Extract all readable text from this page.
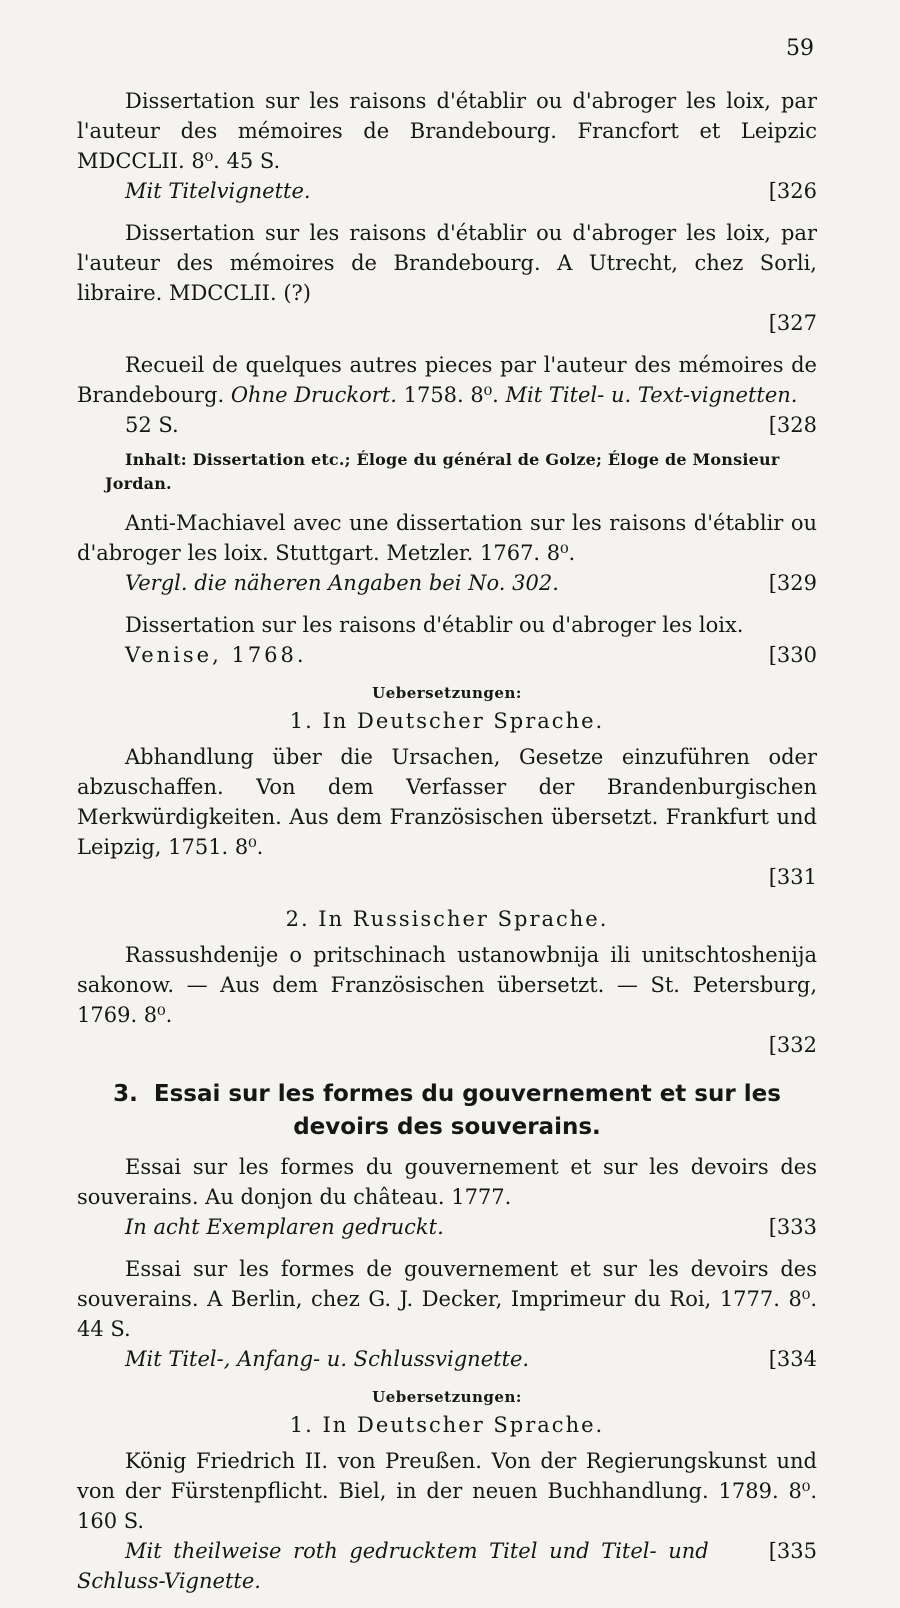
59

Dissertation sur les raisons d'établir ou d'abroger les loix, par l'auteur des mémoires de Brandebourg. Francfort et Leipzic MDCCLII. 8⁰. 45 S.
Mit Titelvignette.	[326

Dissertation sur les raisons d'établir ou d'abroger les loix, par l'auteur des mémoires de Brandebourg. A Utrecht, chez Sorli, libraire. MDCCLII. (?)
[327

Recueil de quelques autres pieces par l'auteur des mémoires de Brandebourg. Ohne Druckort. 1758. 8⁰. Mit Titel- u. Text-vignetten.
52 S.	[328

Inhalt: Dissertation etc.; Éloge du général de Golze; Éloge de Monsieur
Jordan.

Anti-Machiavel avec une dissertation sur les raisons d'établir ou d'abroger les loix. Stuttgart. Metzler. 1767. 8⁰.
Vergl. die näheren Angaben bei No. 302.	[329

Dissertation sur les raisons d'établir ou d'abroger les loix.
Venise, 1768.	[330

Uebersetzungen:
1. In Deutscher Sprache.

Abhandlung über die Ursachen, Gesetze einzuführen oder abzuschaffen. Von dem Verfasser der Brandenburgischen Merkwürdigkeiten. Aus dem Französischen übersetzt. Frankfurt und Leipzig, 1751. 8⁰.
[331

2. In Russischer Sprache.

Rassushdenije o pritschinach ustanowbnija ili unitschtoshenija sakonow. — Aus dem Französischen übersetzt. — St. Petersburg, 1769. 8⁰.
[332

3. Essai sur les formes du gouvernement et sur les devoirs des souverains.

Essai sur les formes du gouvernement et sur les devoirs des souverains. Au donjon du château. 1777.
In acht Exemplaren gedruckt.	[333

Essai sur les formes de gouvernement et sur les devoirs des souverains. A Berlin, chez G. J. Decker, Imprimeur du Roi, 1777. 8⁰. 44 S.
Mit Titel-, Anfang- u. Schlussvignette.	[334

Uebersetzungen:
1. In Deutscher Sprache.

König Friedrich II. von Preußen. Von der Regierungskunst und von der Fürstenpflicht. Biel, in der neuen Buchhandlung. 1789. 8⁰. 160 S.
Mit theilweise roth gedrucktem Titel und Titel- und Schluss-Vignette.
[335
